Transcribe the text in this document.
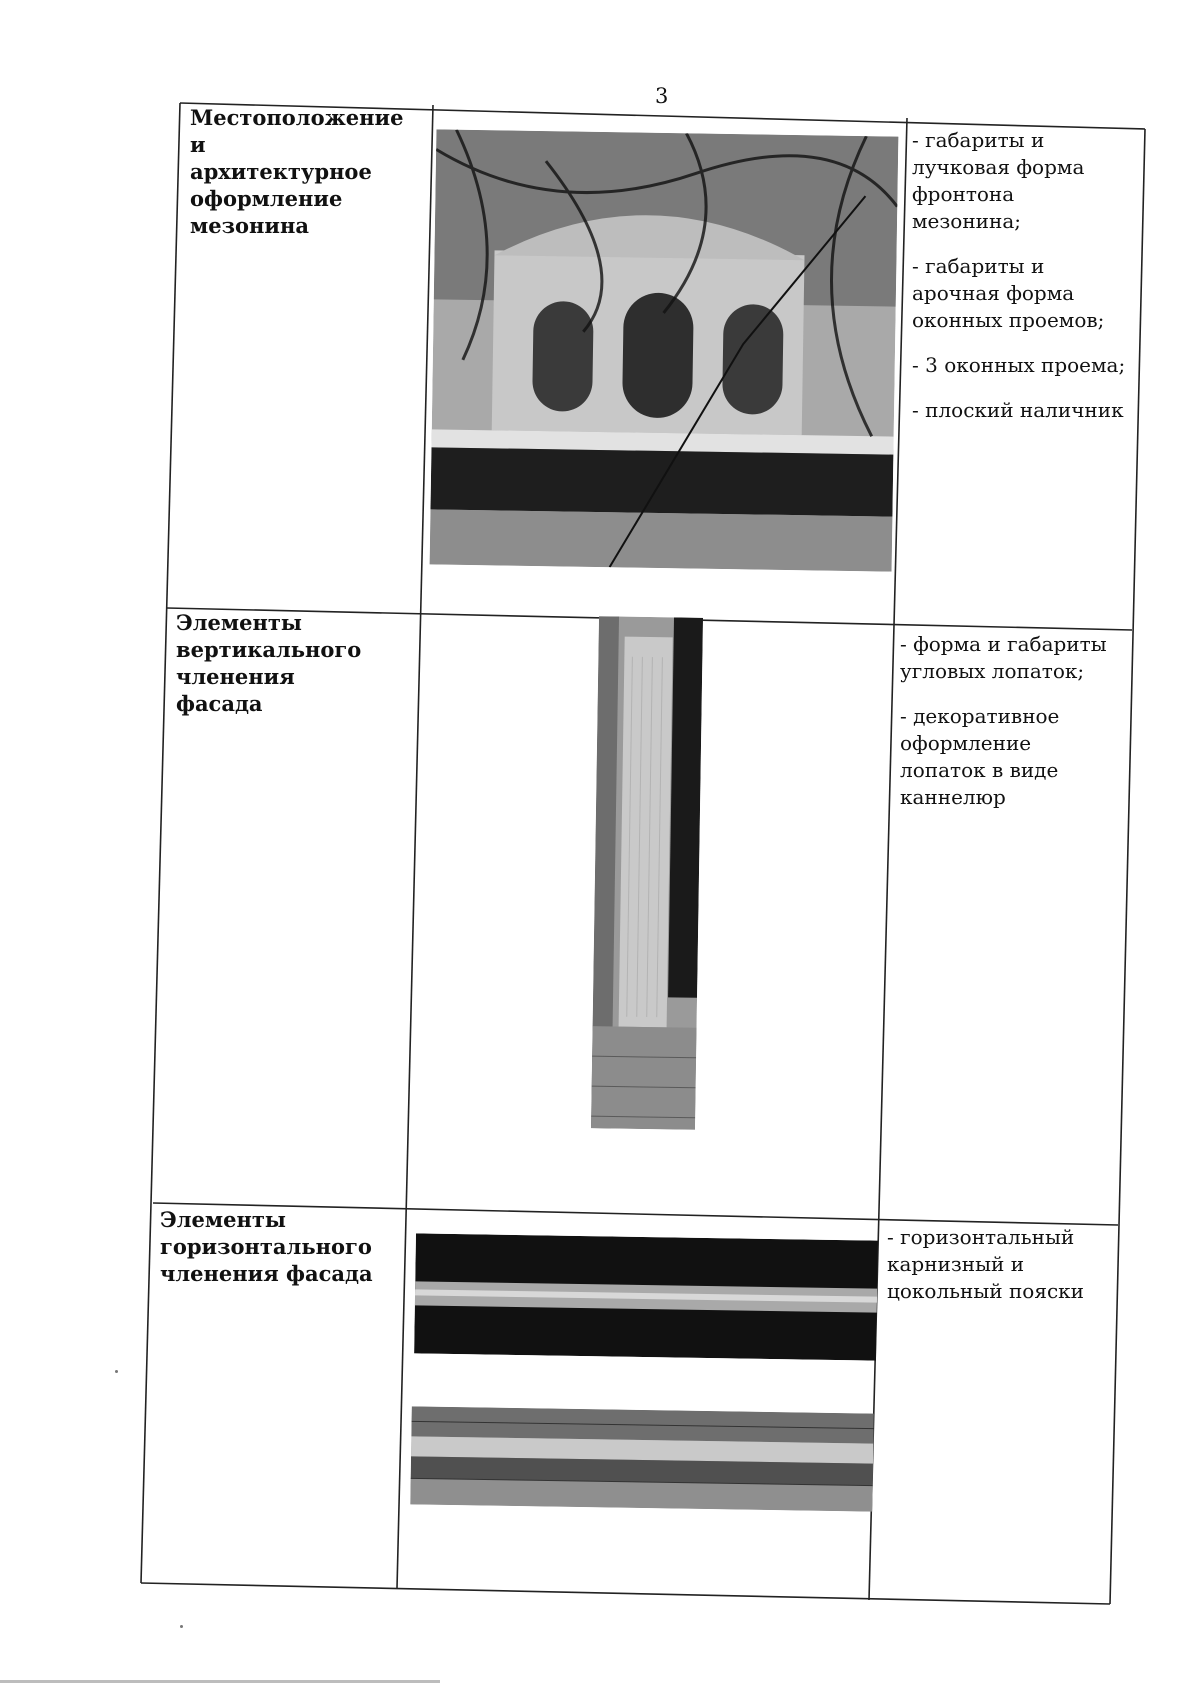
3
Местоположение и архитектурное оформление мезонина

- габариты и лучковая форма фронтона мезонина;

- габариты и арочная форма оконных проемов;

- 3 оконных проема;

- плоский наличник

Элементы вертикального членения фасада

- форма и габариты угловых лопаток;

- декоративное оформление лопаток в виде каннелюр

Элементы горизонтального членения фасада

- горизонтальный карнизный и цокольный пояски
